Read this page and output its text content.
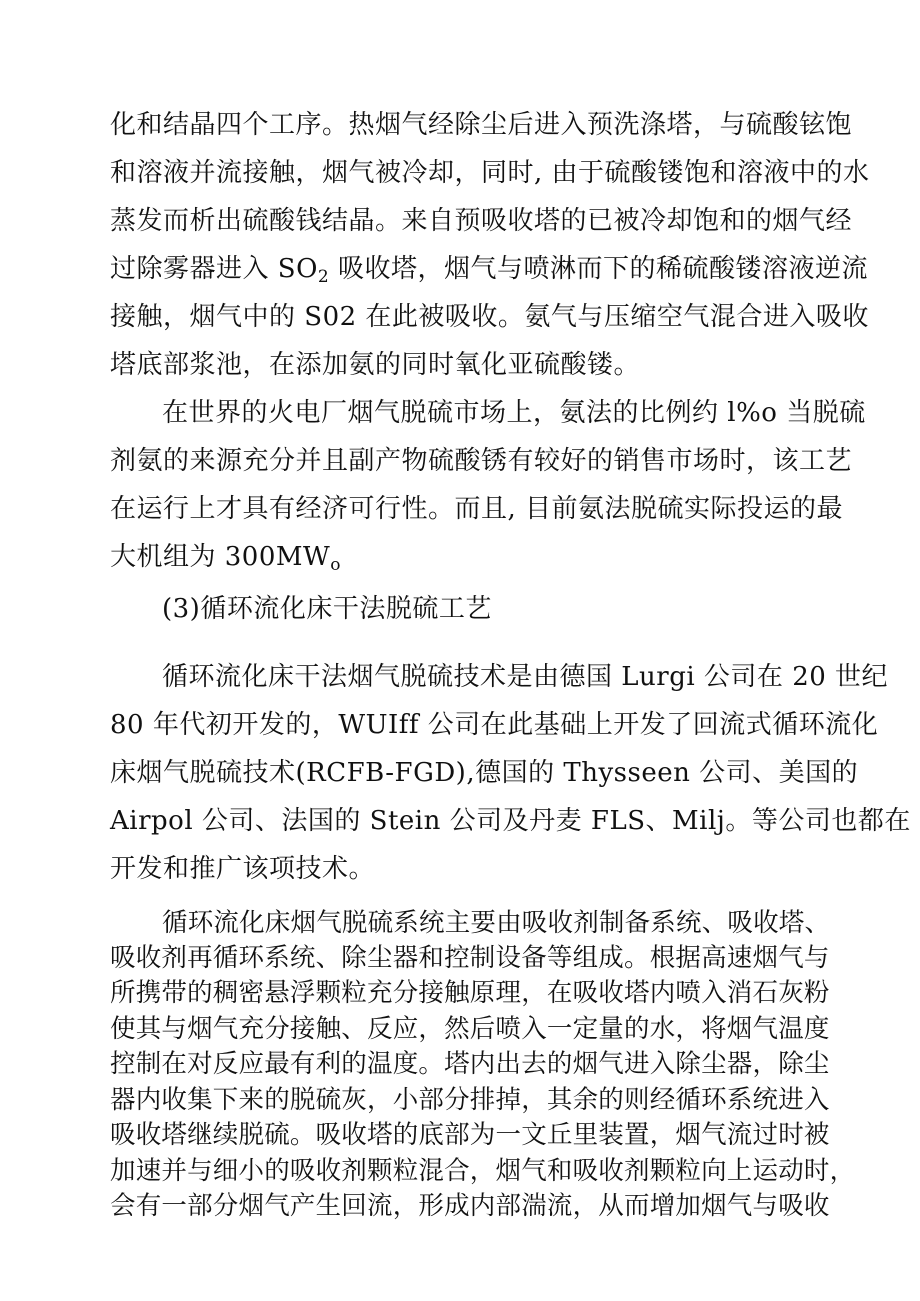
化和结晶四个工序。热烟气经除尘后进入预洗涤塔，与硫酸铉饱
和溶液并流接触，烟气被冷却，同时, 由于硫酸镂饱和溶液中的水
蒸发而析出硫酸钱结晶。来自预吸收塔的已被冷却饱和的烟气经
过除雾器进入 $SO_2$ 吸收塔，烟气与喷淋而下的稀硫酸镂溶液逆流
接触，烟气中的 S02 在此被吸收。氨气与压缩空气混合进入吸收
塔底部浆池，在添加氨的同时氧化亚硫酸镂。
在世界的火电厂烟气脱硫市场上，氨法的比例约 l%o 当脱硫
剂氨的来源充分并且副产物硫酸锈有较好的销售市场时，该工艺
在运行上才具有经济可行性。而且, 目前氨法脱硫实际投运的最
大机组为 $300MW_o$
(3)循环流化床干法脱硫工艺
循环流化床干法烟气脱硫技术是由德国 Lurgi 公司在 20 世纪
80 年代初开发的，WUIff 公司在此基础上开发了回流式循环流化
床烟气脱硫技术(RCFB-FGD),德国的 Thysseen 公司、美国的
Airpol 公司、法国的 Stein 公司及丹麦 FLS、Milj。等公司也都在
开发和推广该项技术。
循环流化床烟气脱硫系统主要由吸收剂制备系统、吸收塔、
吸收剂再循环系统、除尘器和控制设备等组成。根据高速烟气与
所携带的稠密悬浮颗粒充分接触原理，在吸收塔内喷入消石灰粉
使其与烟气充分接触、反应，然后喷入一定量的水，将烟气温度
控制在对反应最有利的温度。塔内出去的烟气进入除尘器，除尘
器内收集下来的脱硫灰，小部分排掉，其余的则经循环系统进入
吸收塔继续脱硫。吸收塔的底部为一文丘里装置，烟气流过时被
加速并与细小的吸收剂颗粒混合，烟气和吸收剂颗粒向上运动时，
会有一部分烟气产生回流，形成内部湍流，从而增加烟气与吸收
